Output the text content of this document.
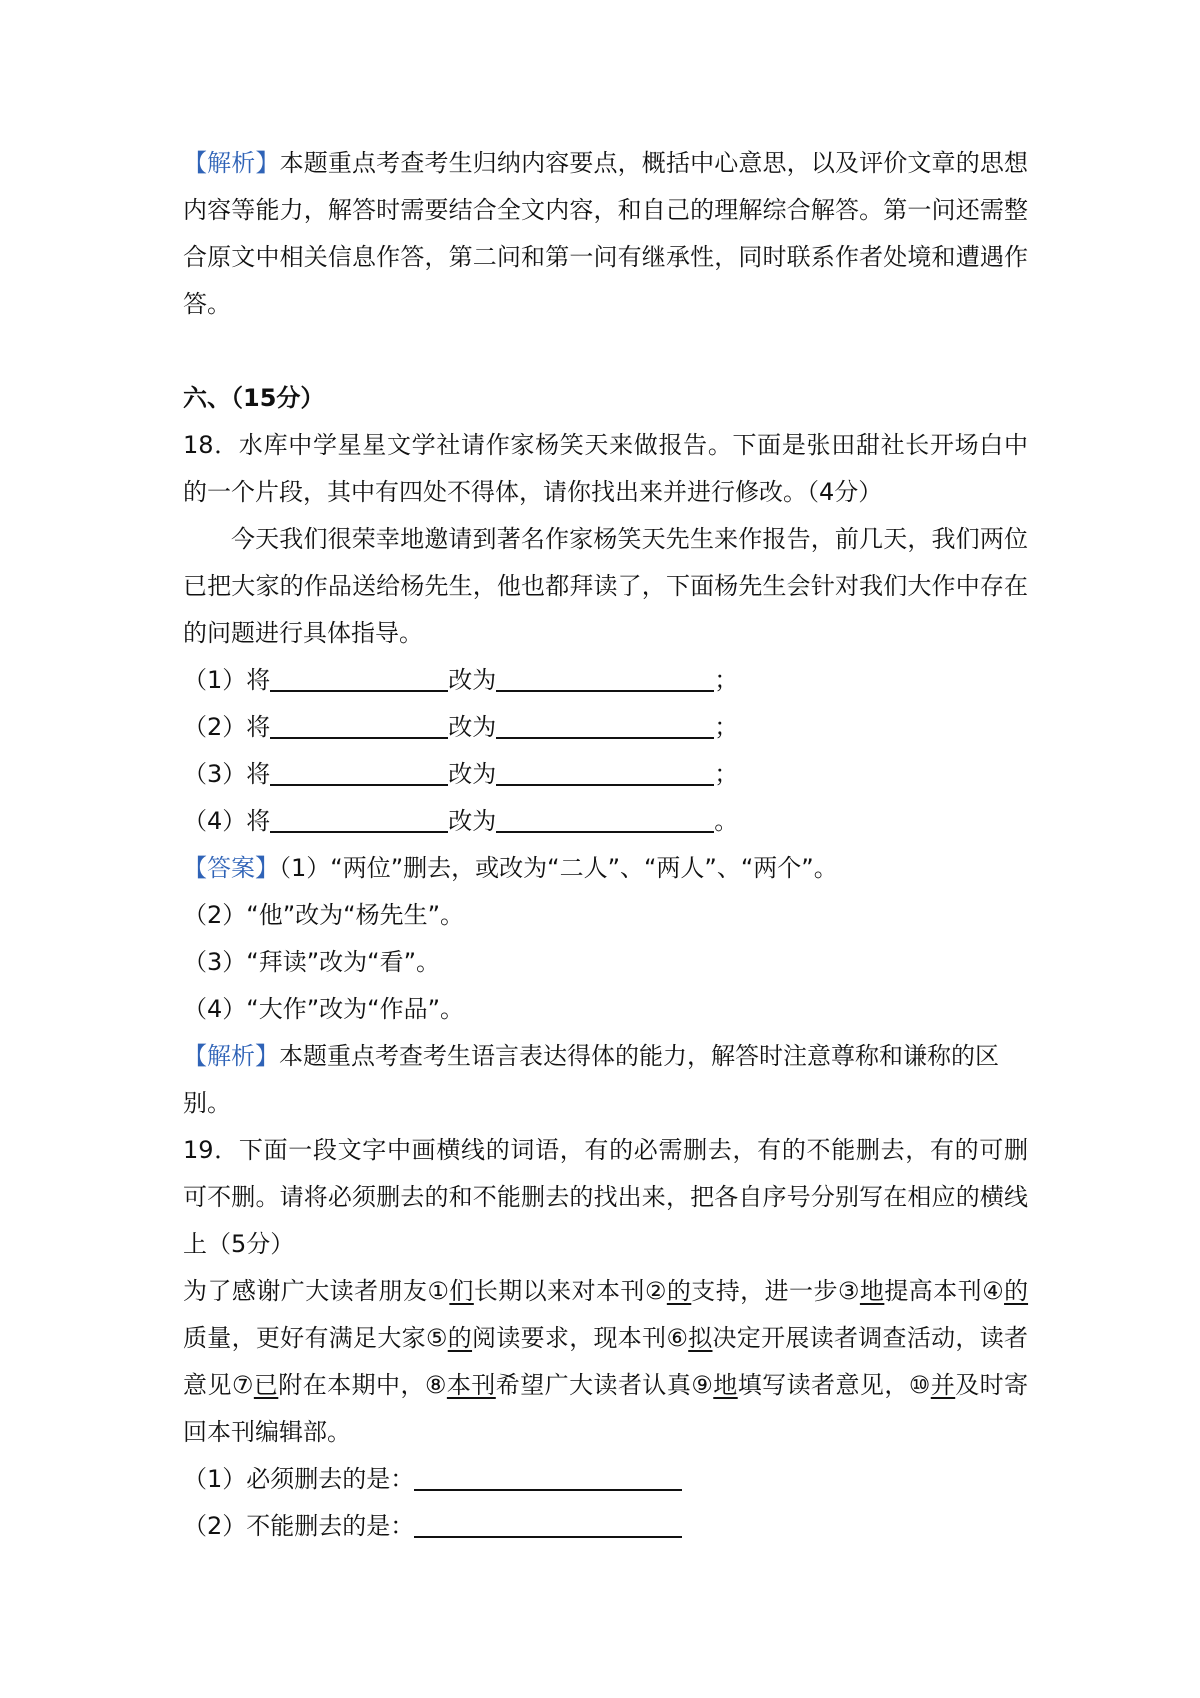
【解析】本题重点考查考生归纳内容要点，概括中心意思，以及评价文章的思想内容等能力，解答时需要结合全文内容，和自己的理解综合解答。第一问还需整合原文中相关信息作答，第二问和第一问有继承性，同时联系作者处境和遭遇作答。

六、（15分）

18．水库中学星星文学社请作家杨笑天来做报告。下面是张田甜社长开场白中的一个片段，其中有四处不得体，请你找出来并进行修改。（4分）

今天我们很荣幸地邀请到著名作家杨笑天先生来作报告，前几天，我们两位已把大家的作品送给杨先生，他也都拜读了，下面杨先生会针对我们大作中存在的问题进行具体指导。

（1）将	改为	；

（2）将	改为	；

（3）将	改为	；

（4）将	改为	。

【答案】（1）“两位”删去，或改为“二人”、“两人”、“两个”。

（2）“他”改为“杨先生”。

（3）“拜读”改为“看”。

（4）“大作”改为“作品”。

【解析】本题重点考查考生语言表达得体的能力，解答时注意尊称和谦称的区别。

19．下面一段文字中画横线的词语，有的必需删去，有的不能删去，有的可删可不删。请将必须删去的和不能删去的找出来，把各自序号分别写在相应的横线上（5分）

为了感谢广大读者朋友①们长期以来对本刊②的支持，进一步③地提高本刊④的质量，更好有满足大家⑤的阅读要求，现本刊⑥拟决定开展读者调查活动，读者意见⑦已附在本期中，⑧本刊希望广大读者认真⑨地填写读者意见，⑩并及时寄回本刊编辑部。

（1）必须删去的是：

（2）不能删去的是：
